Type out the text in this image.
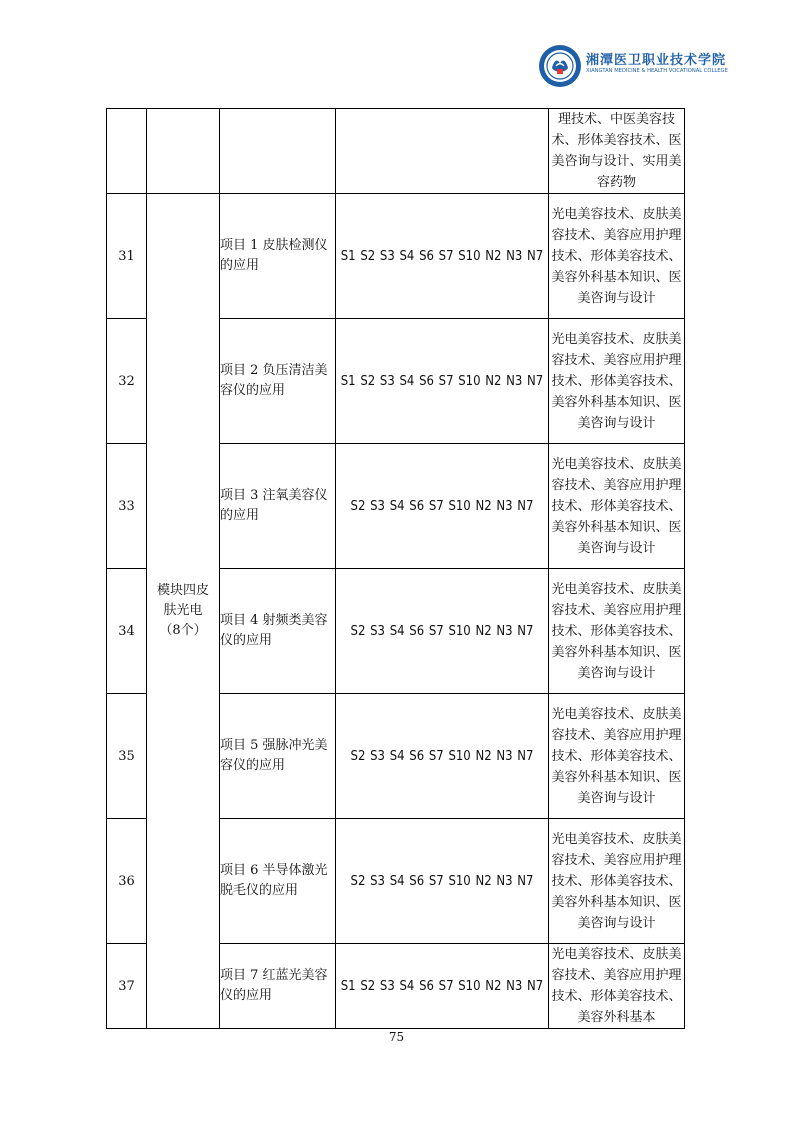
湘潭医卫职业技术学院
XIANGTAN MEDICINE & HEALTH VOCATIONAL COLLEGE
				理技术、中医美容技术、形体美容技术、医美咨询与设计、实用美容药物
31	模块四皮肤光电（8个）	项目 1 皮肤检测仪的应用	S1 S2 S3 S4 S6 S7 S10 N2 N3 N7	光电美容技术、皮肤美容技术、美容应用护理技术、形体美容技术、美容外科基本知识、医美咨询与设计
32		项目 2 负压清洁美容仪的应用	S1 S2 S3 S4 S6 S7 S10 N2 N3 N7	光电美容技术、皮肤美容技术、美容应用护理技术、形体美容技术、美容外科基本知识、医美咨询与设计
33		项目 3 注氧美容仪的应用	S2 S3 S4 S6 S7 S10 N2 N3 N7	光电美容技术、皮肤美容技术、美容应用护理技术、形体美容技术、美容外科基本知识、医美咨询与设计
34		项目 4 射频类美容仪的应用	S2 S3 S4 S6 S7 S10 N2 N3 N7	光电美容技术、皮肤美容技术、美容应用护理技术、形体美容技术、美容外科基本知识、医美咨询与设计
35		项目 5 强脉冲光美容仪的应用	S2 S3 S4 S6 S7 S10 N2 N3 N7	光电美容技术、皮肤美容技术、美容应用护理技术、形体美容技术、美容外科基本知识、医美咨询与设计
36		项目 6 半导体激光脱毛仪的应用	S2 S3 S4 S6 S7 S10 N2 N3 N7	光电美容技术、皮肤美容技术、美容应用护理技术、形体美容技术、美容外科基本知识、医美咨询与设计
37		项目 7 红蓝光美容仪的应用	S1 S2 S3 S4 S6 S7 S10 N2 N3 N7	光电美容技术、皮肤美容技术、美容应用护理技术、形体美容技术、美容外科基本
75
